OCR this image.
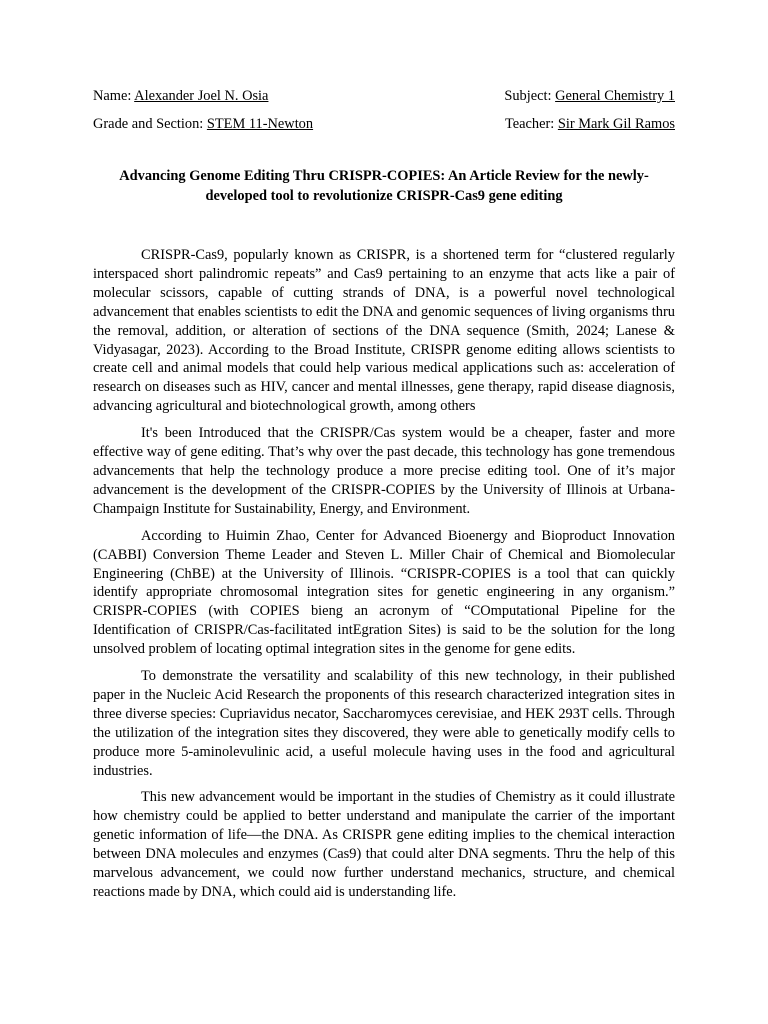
Name: Alexander Joel N. Osia	Subject: General Chemistry 1
Grade and Section: STEM 11-Newton	Teacher: Sir Mark Gil Ramos
Advancing Genome Editing Thru CRISPR-COPIES: An Article Review for the newly-developed tool to revolutionize CRISPR-Cas9 gene editing

CRISPR-Cas9, popularly known as CRISPR, is a shortened term for “clustered regularly interspaced short palindromic repeats” and Cas9 pertaining to an enzyme that acts like a pair of molecular scissors, capable of cutting strands of DNA, is a powerful novel technological advancement that enables scientists to edit the DNA and genomic sequences of living organisms thru the removal, addition, or alteration of sections of the DNA sequence (Smith, 2024; Lanese & Vidyasagar, 2023). According to the Broad Institute, CRISPR genome editing allows scientists to create cell and animal models that could help various medical applications such as: acceleration of research on diseases such as HIV, cancer and mental illnesses, gene therapy, rapid disease diagnosis, advancing agricultural and biotechnological growth, among others

It's been Introduced that the CRISPR/Cas system would be a cheaper, faster and more effective way of gene editing. That’s why over the past decade, this technology has gone tremendous advancements that help the technology produce a more precise editing tool. One of it’s major advancement is the development of the CRISPR-COPIES by the University of Illinois at Urbana-Champaign Institute for Sustainability, Energy, and Environment.

According to Huimin Zhao, Center for Advanced Bioenergy and Bioproduct Innovation (CABBI) Conversion Theme Leader and Steven L. Miller Chair of Chemical and Biomolecular Engineering (ChBE) at the University of Illinois. “CRISPR-COPIES is a tool that can quickly identify appropriate chromosomal integration sites for genetic engineering in any organism.” CRISPR-COPIES (with COPIES bieng an acronym of “COmputational Pipeline for the Identification of CRISPR/Cas-facilitated intEgration Sites) is said to be the solution for the long unsolved problem of locating optimal integration sites in the genome for gene edits.

To demonstrate the versatility and scalability of this new technology, in their published paper in the Nucleic Acid Research the proponents of this research characterized integration sites in three diverse species: Cupriavidus necator, Saccharomyces cerevisiae, and HEK 293T cells. Through the utilization of the integration sites they discovered, they were able to genetically modify cells to produce more 5-aminolevulinic acid, a useful molecule having uses in the food and agricultural industries.

This new advancement would be important in the studies of Chemistry as it could illustrate how chemistry could be applied to better understand and manipulate the carrier of the important genetic information of life—the DNA. As CRISPR gene editing implies to the chemical interaction between DNA molecules and enzymes (Cas9) that could alter DNA segments. Thru the help of this marvelous advancement, we could now further understand mechanics, structure, and chemical reactions made by DNA, which could aid is understanding life.
